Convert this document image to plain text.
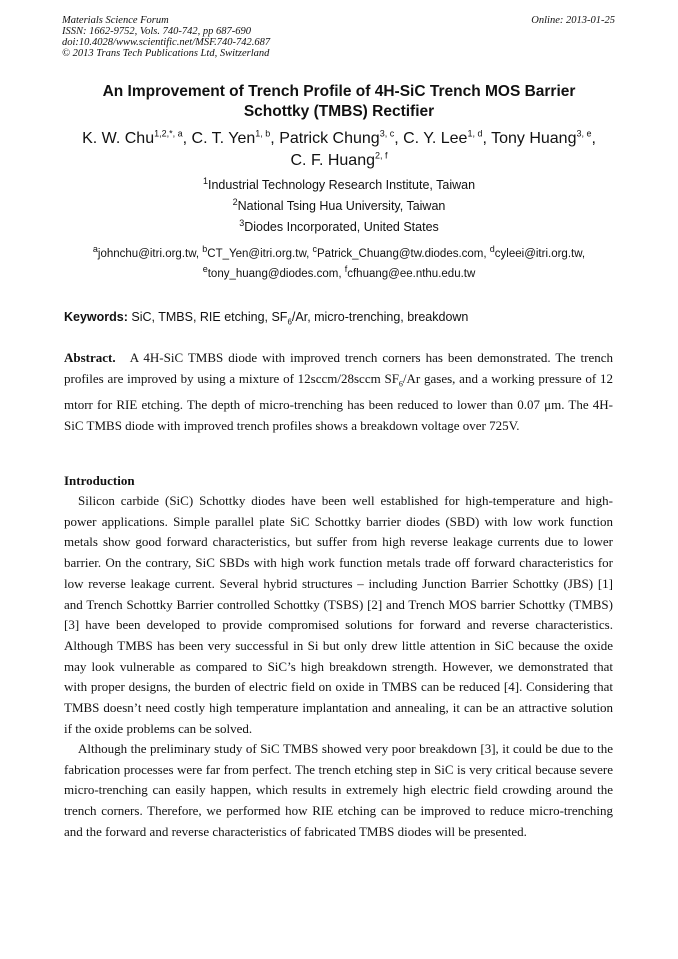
Materials Science Forum
ISSN: 1662-9752, Vols. 740-742, pp 687-690
doi:10.4028/www.scientific.net/MSF.740-742.687
© 2013 Trans Tech Publications Ltd, Switzerland
Online: 2013-01-25
An Improvement of Trench Profile of 4H-SiC Trench MOS Barrier
Schottky (TMBS) Rectifier
K. W. Chu$^{1,2,*, a}$, C. T. Yen$^{1, b}$, Patrick Chung$^{3, c}$, C. Y. Lee$^{1, d}$, Tony Huang$^{3, e}$,
C. F. Huang$^{2, f}$
$^1$Industrial Technology Research Institute, Taiwan
$^2$National Tsing Hua University, Taiwan
$^3$Diodes Incorporated, United States
$^a$johnchu@itri.org.tw, $^b$CT_Yen@itri.org.tw, $^c$Patrick_Chuang@tw.diodes.com, $^d$cyleei@itri.org.tw,
$^e$tony_huang@diodes.com, $^f$cfhuang@ee.nthu.edu.tw
Keywords: SiC, TMBS, RIE etching, $SF_6/Ar$, micro-trenching, breakdown
Abstract.   A 4H-SiC TMBS diode with improved trench corners has been demonstrated. The trench profiles are improved by using a mixture of 12sccm/28sccm $SF_6/Ar$ gases, and a working pressure of 12 mtorr for RIE etching. The depth of micro-trenching has been reduced to lower than 0.07 μm. The 4H-SiC TMBS diode with improved trench profiles shows a breakdown voltage over 725V.
Introduction
Silicon carbide (SiC) Schottky diodes have been well established for high-temperature and high-power applications. Simple parallel plate SiC Schottky barrier diodes (SBD) with low work function metals show good forward characteristics, but suffer from high reverse leakage currents due to lower barrier. On the contrary, SiC SBDs with high work function metals trade off forward characteristics for low reverse leakage current. Several hybrid structures – including Junction Barrier Schottky (JBS) [1] and Trench Schottky Barrier controlled Schottky (TSBS) [2] and Trench MOS barrier Schottky (TMBS) [3] have been developed to provide compromised solutions for forward and reverse characteristics. Although TMBS has been very successful in Si but only drew little attention in SiC because the oxide may look vulnerable as compared to SiC’s high breakdown strength. However, we demonstrated that with proper designs, the burden of electric field on oxide in TMBS can be reduced [4]. Considering that TMBS doesn’t need costly high temperature implantation and annealing, it can be an attractive solution if the oxide problems can be solved.
Although the preliminary study of SiC TMBS showed very poor breakdown [3], it could be due to the fabrication processes were far from perfect. The trench etching step in SiC is very critical because severe micro-trenching can easily happen, which results in extremely high electric field crowding around the trench corners. Therefore, we performed how RIE etching can be improved to reduce micro-trenching and the forward and reverse characteristics of fabricated TMBS diodes will be presented.
